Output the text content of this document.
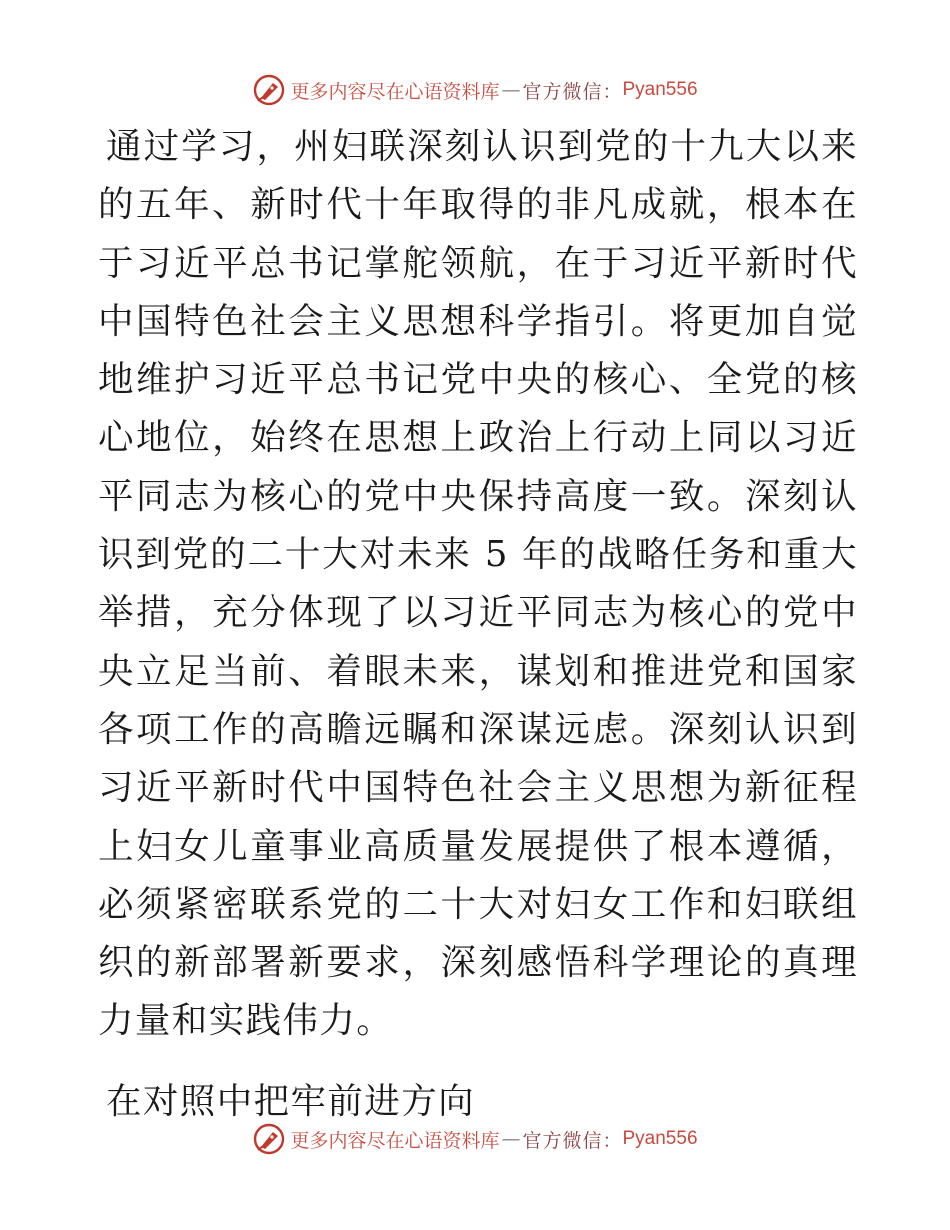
更多内容尽在心语资料库 — 官方微信： Pyan556

通过学习，州妇联深刻认识到党的十九大以来的五年、新时代十年取得的非凡成就，根本在于习近平总书记掌舵领航，在于习近平新时代中国特色社会主义思想科学指引。将更加自觉地维护习近平总书记党中央的核心、全党的核心地位，始终在思想上政治上行动上同以习近平同志为核心的党中央保持高度一致。深刻认识到党的二十大对未来 5 年的战略任务和重大举措，充分体现了以习近平同志为核心的党中央立足当前、着眼未来，谋划和推进党和国家各项工作的高瞻远瞩和深谋远虑。深刻认识到习近平新时代中国特色社会主义思想为新征程上妇女儿童事业高质量发展提供了根本遵循，必须紧密联系党的二十大对妇女工作和妇联组织的新部署新要求，深刻感悟科学理论的真理力量和实践伟力。

在对照中把牢前进方向

更多内容尽在心语资料库 — 官方微信： Pyan556
